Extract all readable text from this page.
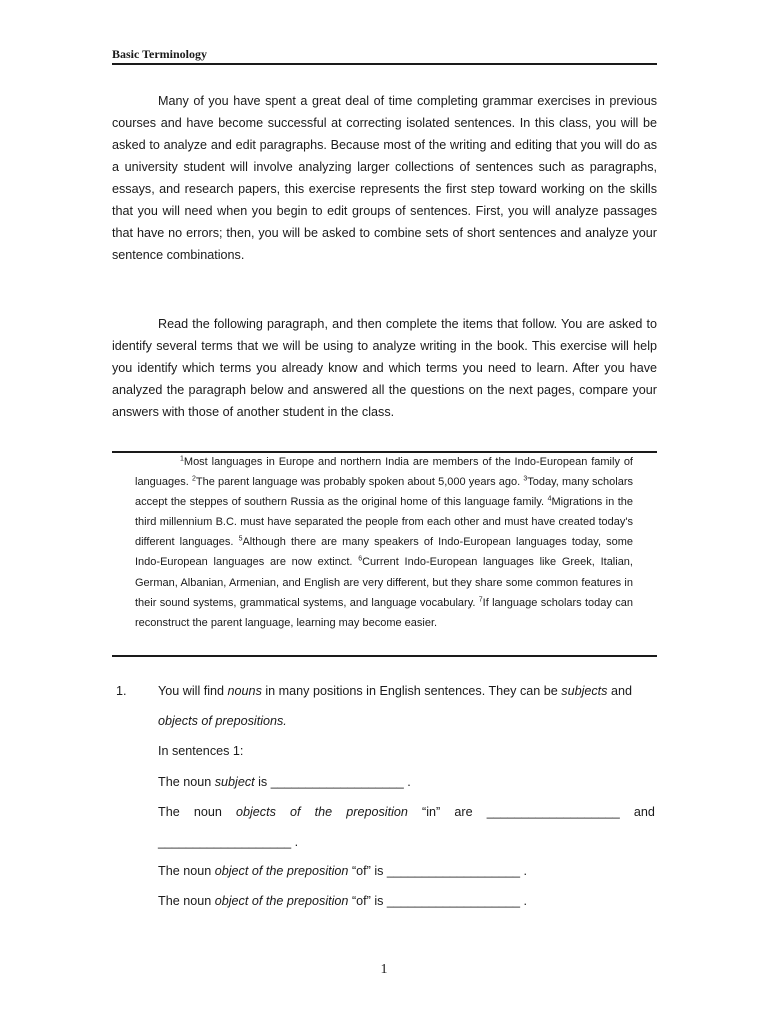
Basic Terminology

Many of you have spent a great deal of time completing grammar exercises in previous courses and have become successful at correcting isolated sentences. In this class, you will be asked to analyze and edit paragraphs. Because most of the writing and editing that you will do as a university student will involve analyzing larger collections of sentences such as paragraphs, essays, and research papers, this exercise represents the first step toward working on the skills that you will need when you begin to edit groups of sentences. First, you will analyze passages that have no errors; then, you will be asked to combine sets of short sentences and analyze your sentence combinations.

Read the following paragraph, and then complete the items that follow. You are asked to identify several terms that we will be using to analyze writing in the book. This exercise will help you identify which terms you already know and which terms you need to learn. After you have analyzed the paragraph below and answered all the questions on the next pages, compare your answers with those of another student in the class.

$^1$Most languages in Europe and northern India are members of the Indo-European family of languages. $^2$The parent language was probably spoken about 5,000 years ago. $^3$Today, many scholars accept the steppes of southern Russia as the original home of this language family. $^4$Migrations in the third millennium B.C. must have separated the people from each other and must have created today's different languages. $^5$Although there are many speakers of Indo-European languages today, some Indo-European languages are now extinct. $^6$Current Indo-European languages like Greek, Italian, German, Albanian, Armenian, and English are very different, but they share some common features in their sound systems, grammatical systems, and language vocabulary. $^7$If language scholars today can reconstruct the parent language, learning may become easier.

1. You will find nouns in many positions in English sentences. They can be subjects and

objects of prepositions.

In sentences 1:

The noun subject is ___________________ .

The noun objects of the preposition “in” are ___________________ and

___________________ .

The noun object of the preposition “of” is ___________________ .

The noun object of the preposition “of” is ___________________ .

1
